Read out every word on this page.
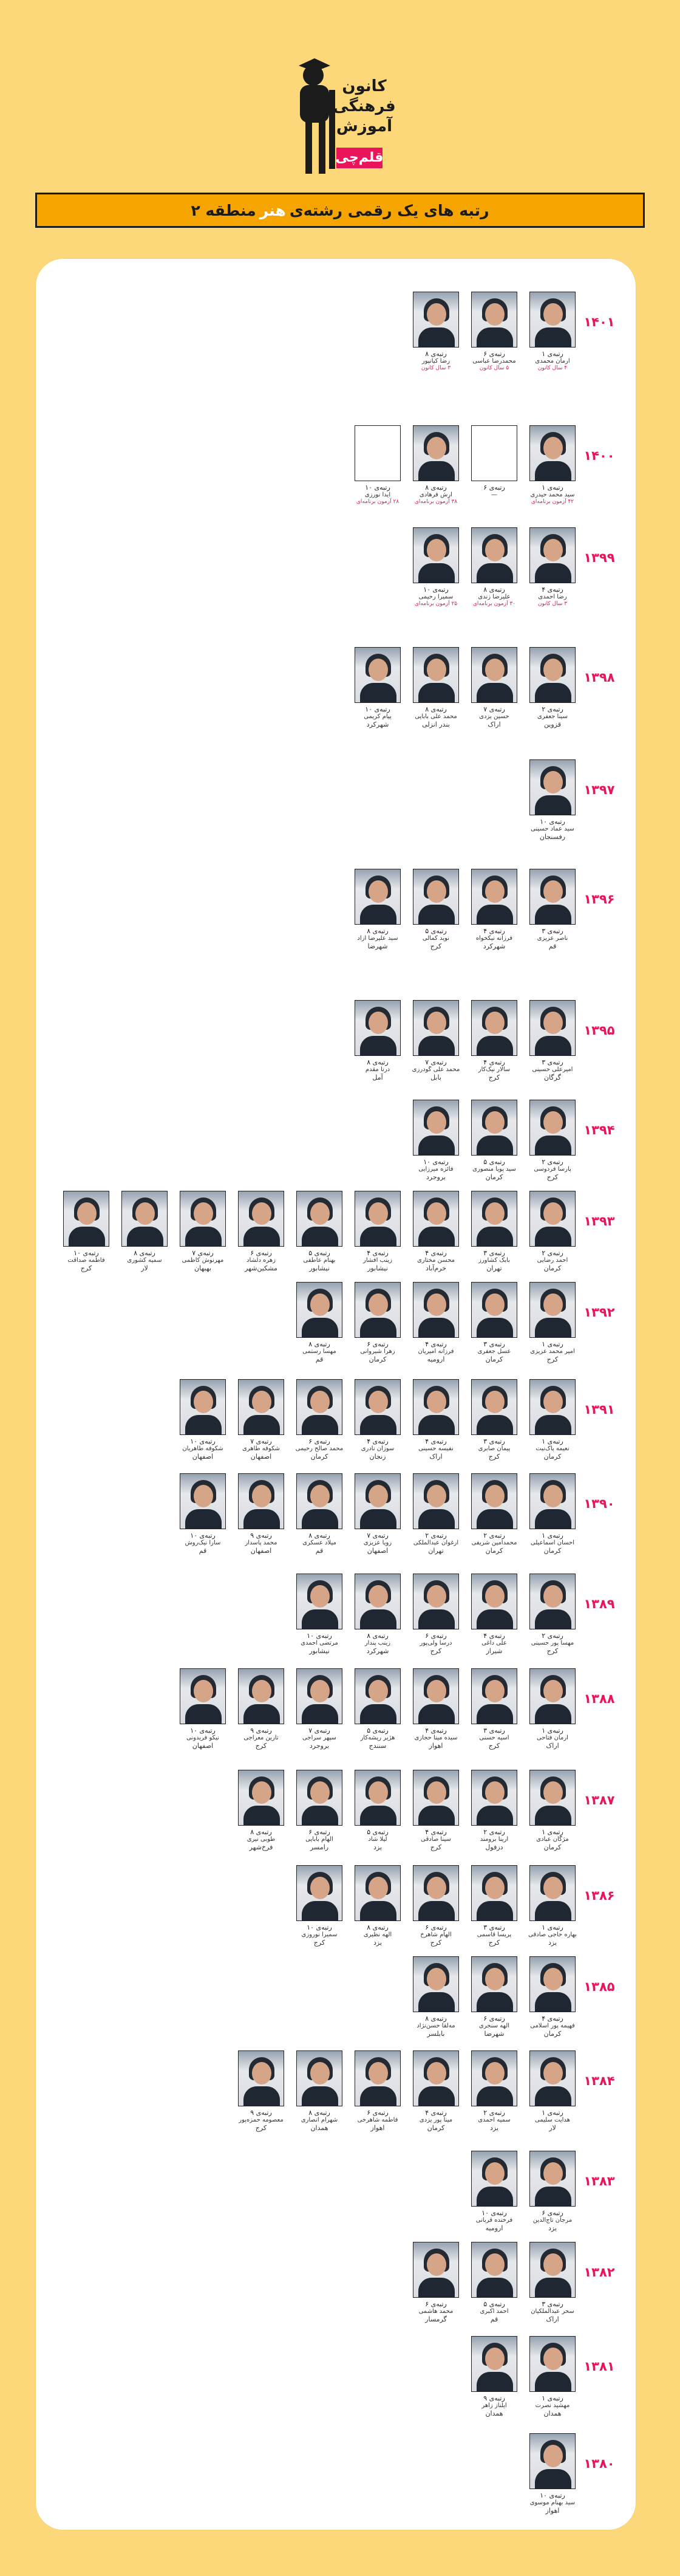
کانون
فرهنگی
آموزش
قلم‌چی
رتبه های یک رقمی رشته‌ی
هنر
منطقه ۲
۱۴۰۱
رتبه‌ی ۱
آرمان محمدی
۴ سال کانون
رتبه‌ی ۶
محمدرضا عباسی
۵ سال کانون
رتبه‌ی ۸
رضا کیانپور
۳ سال کانون
۱۴۰۰
رتبه‌ی ۱
سید محمد حیدری
۴۲ آزمون برنامه‌ای
رتبه‌ی ۶
—
رتبه‌ی ۸
آرش فرهادی
۳۸ آزمون برنامه‌ای
رتبه‌ی ۱۰
آیدا نورزی
۲۸ آزمون برنامه‌ای
۱۳۹۹
رتبه‌ی ۴
رضا احمدی
۳ سال کانون
رتبه‌ی ۸
علیرضا زندی
۳۰ آزمون برنامه‌ای
رتبه‌ی ۱۰
سمیرا رحیمی
۲۵ آزمون برنامه‌ای
۱۳۹۸
رتبه‌ی ۲
سینا جعفری
قزوین
رتبه‌ی ۷
حسین یزدی
اراک
رتبه‌ی ۸
محمد علی بابایی
بندر انزلی
رتبه‌ی ۱۰
پیام کریمی
شهرکرد
۱۳۹۷
رتبه‌ی ۱۰
سید عماد حسینی
رفسنجان
۱۳۹۶
رتبه‌ی ۳
ناصر عزیزی
قم
رتبه‌ی ۴
فرزانه نیکخواه
شهرکرد
رتبه‌ی ۵
نوید کمالی
کرج
رتبه‌ی ۸
سید علیرضا آزاد
شهرضا
۱۳۹۵
رتبه‌ی ۳
امیرعلی حسینی
گرگان
رتبه‌ی ۴
سالار نیک‌کار
کرج
رتبه‌ی ۷
محمد علی گودرزی
بابل
رتبه‌ی ۸
درنا مقدم
آمل
۱۳۹۴
رتبه‌ی ۲
پارسا فردوسی
کرج
رتبه‌ی ۵
سید پویا منصوری
کرمان
رتبه‌ی ۱۰
فائزه میرزایی
بروجرد
۱۳۹۳
رتبه‌ی ۲
احمد رضایی
کرمان
رتبه‌ی ۳
بابک کشاورز
تهران
رتبه‌ی ۴
محسن مختاری
خرم‌آباد
رتبه‌ی ۴
زینب افشار
نیشابور
رتبه‌ی ۵
بهنام عاطفی
نیشابور
رتبه‌ی ۶
زهره دلشاد
مشکین‌شهر
رتبه‌ی ۷
مهرنوش کاظمی
بهبهان
رتبه‌ی ۸
سمیه کشوری
لار
رتبه‌ی ۱۰
فاطمه صداقت
کرج
۱۳۹۲
رتبه‌ی ۱
امیر محمد عزیزی
کرج
رتبه‌ی ۳
عسل جعفری
کرمان
رتبه‌ی ۴
فرزانه امیریان
ارومیه
رتبه‌ی ۶
زهرا شیروانی
کرمان
رتبه‌ی ۸
مهسا رستمی
قم
۱۳۹۱
رتبه‌ی ۱
نعیمه پاک‌نیت
کرمان
رتبه‌ی ۳
پیمان صابری
کرج
رتبه‌ی ۴
نفیسه حسینی
اراک
رتبه‌ی ۴
سوزان نادری
زنجان
رتبه‌ی ۶
محمد صالح رحیمی
کرمان
رتبه‌ی ۷
شکوفه طاهری
اصفهان
رتبه‌ی ۱۰
شکوفه طاهریان
اصفهان
۱۳۹۰
رتبه‌ی ۱
احسان اسماعیلی
کرمان
رتبه‌ی ۲
محمدامین شریفی
کرمان
رتبه‌ی ۲
ارغوان عبدالملکی
تهران
رتبه‌ی ۷
رویا عزیزی
اصفهان
رتبه‌ی ۸
میلاد عسکری
قم
رتبه‌ی ۹
محمد پاسدار
اصفهان
رتبه‌ی ۱۰
سارا نیک‌روش
قم
۱۳۸۹
رتبه‌ی ۲
مهسا پور حسینی
کرج
رتبه‌ی ۴
علی داغی
شیراز
رتبه‌ی ۶
درسا ولی‌پور
کرج
رتبه‌ی ۸
زینب پندار
شهرکرد
رتبه‌ی ۱۰
مرتضی احمدی
نیشابور
۱۳۸۸
رتبه‌ی ۱
آرمان فتاحی
اراک
رتبه‌ی ۳
آسیه حسنی
کرج
رتبه‌ی ۴
سیده مینا حجازی
اهواز
رتبه‌ی ۵
هژیر ریشه‌کار
سنندج
رتبه‌ی ۷
سپهر سراجی
بروجرد
رتبه‌ی ۹
تارین معراجی
کرج
رتبه‌ی ۱۰
نیکو فریدونی
اصفهان
۱۳۸۷
رتبه‌ی ۱
مژگان عبادی
کرمان
رتبه‌ی ۲
آرینا برومند
دزفول
رتبه‌ی ۴
سینا صادقی
کرج
رتبه‌ی ۵
لیلا شاد
یزد
رتبه‌ی ۶
الهام بابایی
رامسر
رتبه‌ی ۸
طوبی نیری
فرخ‌شهر
۱۳۸۶
رتبه‌ی ۱
بهاره حاجی صادقی
یزد
رتبه‌ی ۳
پریسا قاسمی
کرج
رتبه‌ی ۶
الهام شاهرخ
کرج
رتبه‌ی ۸
الهه نظیری
یزد
رتبه‌ی ۱۰
سمیرا نوروزی
کرج
۱۳۸۵
رتبه‌ی ۴
فهیمه پور اسلامی
کرمان
رتبه‌ی ۶
الهه سنجری
شهرضا
رتبه‌ی ۸
مه‌لقا حسن‌نژاد
بابلسر
۱۳۸۴
رتبه‌ی ۱
هدایت سلیمی
لار
رتبه‌ی ۲
سمیه احمدی
یزد
رتبه‌ی ۴
مینا پور یزدی
کرمان
رتبه‌ی ۶
فاطمه شاهرخی
اهواز
رتبه‌ی ۸
شهرام انصاری
همدان
رتبه‌ی ۹
معصومه حمزه‌پور
کرج
۱۳۸۳
رتبه‌ی ۶
مرجان تاج‌الدین
یزد
رتبه‌ی ۱۰
فرخنده قربانی
ارومیه
۱۳۸۲
رتبه‌ی ۳
سحر عبدالملکیان
اراک
رتبه‌ی ۵
احمد اکبری
قم
رتبه‌ی ۶
محمد هاشمی
گرمسار
۱۳۸۱
رتبه‌ی ۱
مهشید نصرت
همدان
رتبه‌ی ۹
ایلناز زاهر
همدان
۱۳۸۰
رتبه‌ی ۱۰
سید بهنام موسوی
اهواز
